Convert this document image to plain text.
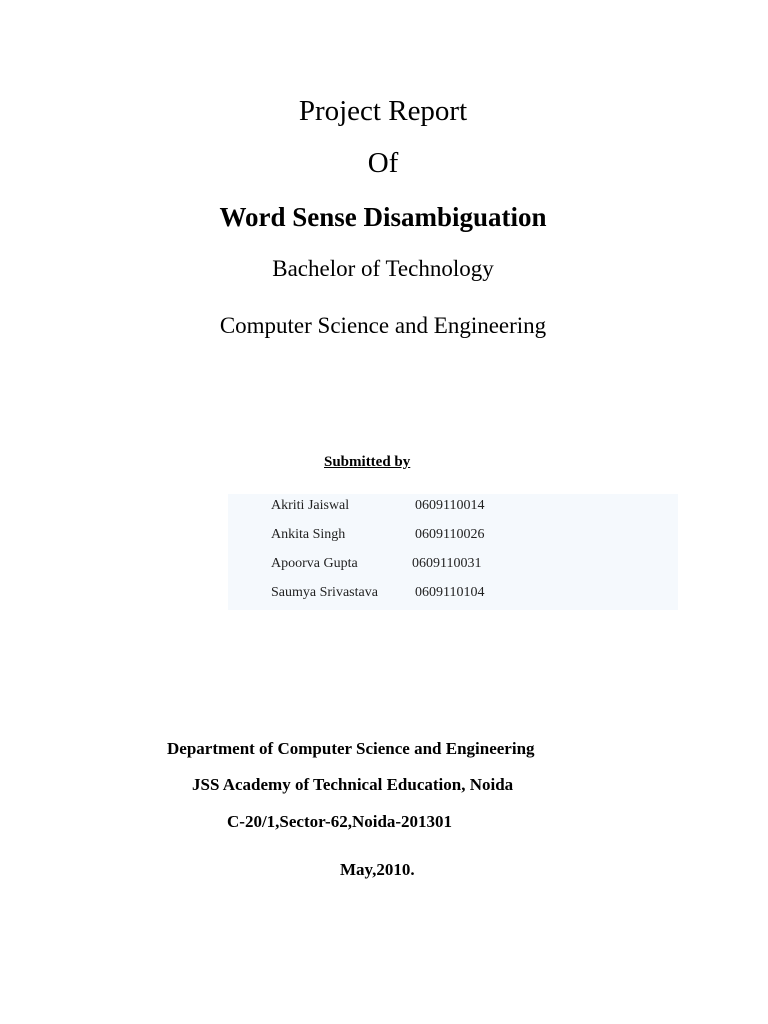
Project Report
Of
Word Sense Disambiguation
Bachelor of Technology
Computer Science and Engineering
Submitted by
Akriti Jaiswal	0609110014
Ankita Singh	0609110026
Apoorva Gupta	0609110031
Saumya Srivastava	0609110104
Department of Computer Science and Engineering
JSS Academy of Technical Education, Noida
C-20/1,Sector-62,Noida-201301
May,2010.
